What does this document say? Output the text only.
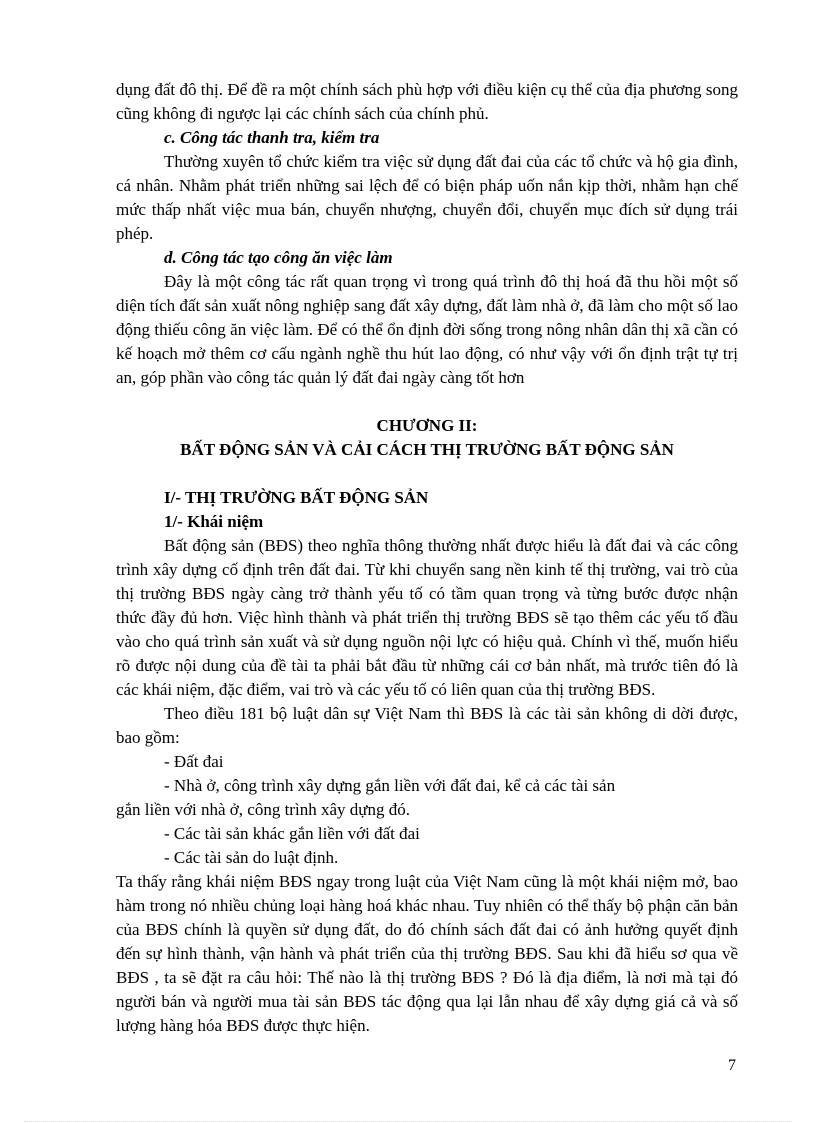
dụng đất đô thị. Để đề ra một chính sách phù hợp với điều kiện cụ thể của địa phương song cũng không đi ngược lại các chính sách của chính phủ.

c. Công tác thanh tra, kiểm tra

Thường xuyên tổ chức kiểm tra việc sử dụng đất đai của các tổ chức và hộ gia đình, cá nhân. Nhằm phát triển những sai lệch để có biện pháp uốn nắn kịp thời, nhằm hạn chế mức thấp nhất việc mua bán, chuyển nhượng, chuyển đổi, chuyển mục đích sử dụng trái phép.

d. Công tác tạo công ăn việc làm

Đây là một công tác rất quan trọng vì trong quá trình đô thị hoá đã thu hồi một số diện tích đất sản xuất nông nghiệp sang đất xây dựng, đất làm nhà ở, đã làm cho một số lao động thiếu công ăn việc làm. Để có thể ổn định đời sống trong nông nhân dân thị xã cần có kế hoạch mở thêm cơ cấu ngành nghề thu hút lao động, có như vậy với ổn định trật tự trị an, góp phần vào công tác quản lý đất đai ngày càng tốt hơn

CHƯƠNG II:

BẤT ĐỘNG SẢN VÀ CẢI CÁCH THỊ TRƯỜNG BẤT ĐỘNG SẢN

I/- THỊ TRƯỜNG BẤT ĐỘNG SẢN

1/- Khái niệm

Bất động sản (BĐS) theo nghĩa thông thường nhất được hiểu là đất đai và các công trình xây dựng cố định trên đất đai. Từ khi chuyển sang nền kinh tế thị trường, vai trò của thị trường BĐS ngày càng trở thành yếu tố có tầm quan trọng và từng bước được nhận thức đầy đủ hơn. Việc hình thành và phát triển thị trường BĐS sẽ tạo thêm các yếu tố đầu vào cho quá trình sản xuất và sử dụng nguồn nội lực có hiệu quả. Chính vì thế, muốn hiểu rõ được nội dung của đề tài ta phải bắt đầu từ những cái cơ bản nhất, mà trước tiên đó là các khái niệm, đặc điểm, vai trò và các yếu tố có liên quan của thị trường BĐS.

Theo điều 181 bộ luật dân sự Việt Nam thì BĐS là các tài sản không di dời được, bao gồm:

- Đất đai

- Nhà ở, công trình xây dựng gắn liền với đất đai, kể cả các tài sản

gắn liền với nhà ở, công trình xây dựng đó.

- Các tài sản khác gắn liền với đất đai

- Các tài sản do luật định.

Ta thấy rằng khái niệm BĐS ngay trong luật của Việt Nam cũng là một khái niệm mở, bao hàm trong nó nhiều chủng loại hàng hoá khác nhau. Tuy nhiên có thể thấy bộ phận căn bản của BĐS chính là quyền sử dụng đất, do đó chính sách đất đai có ảnh hưởng quyết định đến sự hình thành, vận hành và phát triển của thị trường BĐS. Sau khi đã hiểu sơ qua về BĐS , ta sẽ đặt ra câu hỏi: Thế nào là thị trường BĐS ? Đó là địa điểm, là nơi mà tại đó người bán và người mua tài sản BĐS tác động qua lại lẫn nhau để xây dựng giá cả và số lượng hàng hóa BĐS được thực hiện.

7
